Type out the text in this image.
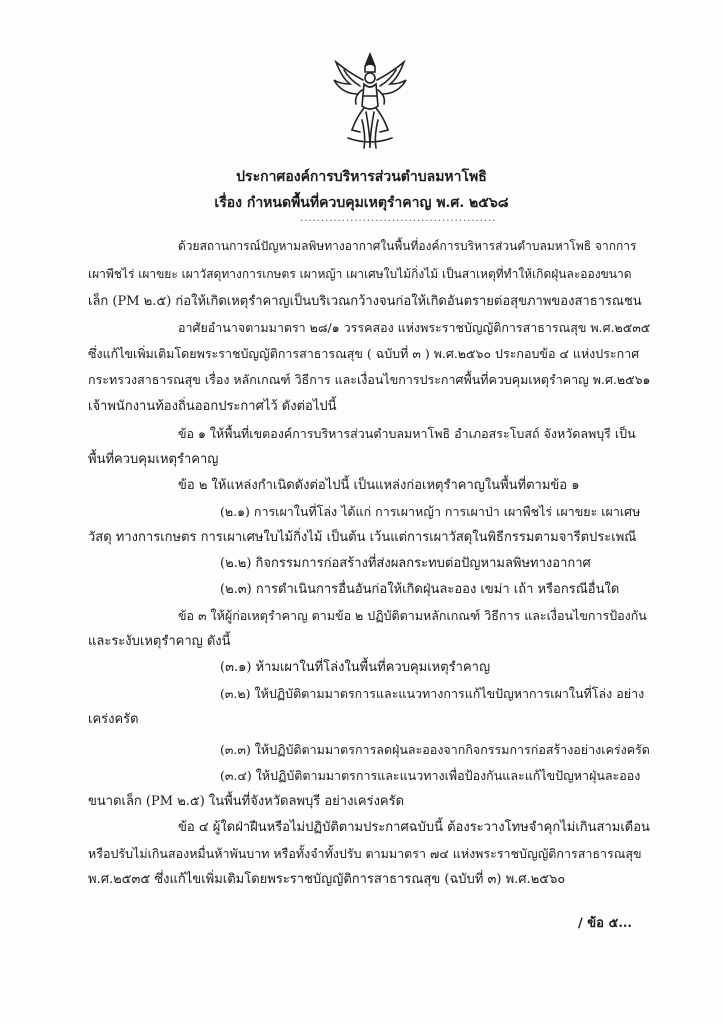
ประกาศองค์การบริหารส่วนตำบลมหาโพธิ
เรื่อง กำหนดพื้นที่ควบคุมเหตุรำคาญ พ.ศ. ๒๕๖๘
...............................................
ด้วยสถานการณ์ปัญหามลพิษทางอากาศในพื้นที่องค์การบริหารส่วนตำบลมหาโพธิ จากการ
เผาพืชไร่ เผาขยะ เผาวัสดุทางการเกษตร เผาหญ้า เผาเศษใบไม้กิ่งไม้ เป็นสาเหตุที่ทำให้เกิดฝุ่นละอองขนาด
เล็ก (PM ๒.๕) ก่อให้เกิดเหตุรำคาญเป็นบริเวณกว้างจนก่อให้เกิดอันตรายต่อสุขภาพของสาธารณชน
อาศัยอำนาจตามมาตรา ๒๘/๑ วรรคสอง แห่งพระราชบัญญัติการสาธารณสุข พ.ศ.๒๕๓๕
ซึ่งแก้ไขเพิ่มเติมโดยพระราชบัญญัติการสาธารณสุข ( ฉบับที่ ๓ ) พ.ศ.๒๕๖๐ ประกอบข้อ ๔ แห่งประกาศ
กระทรวงสาธารณสุข เรื่อง หลักเกณฑ์ วิธีการ และเงื่อนไขการประกาศพื้นที่ควบคุมเหตุรำคาญ พ.ศ.๒๕๖๑
เจ้าพนักงานท้องถิ่นออกประกาศไว้ ดังต่อไปนี้
ข้อ ๑ ให้พื้นที่เขตองค์การบริหารส่วนตำบลมหาโพธิ อำเภอสระโบสถ์ จังหวัดลพบุรี เป็น
พื้นที่ควบคุมเหตุรำคาญ
ข้อ ๒ ให้แหล่งกำเนิดดังต่อไปนี้ เป็นแหล่งก่อเหตุรำคาญในพื้นที่ตามข้อ ๑
(๒.๑) การเผาในที่โล่ง ได้แก่ การเผาหญ้า การเผาป่า เผาพืชไร่ เผาขยะ เผาเศษ
วัสดุ ทางการเกษตร การเผาเศษใบไม้กิ่งไม้ เป็นต้น เว้นแต่การเผาวัสดุในพิธีกรรมตามจารีตประเพณี
(๒.๒) กิจกรรมการก่อสร้างที่ส่งผลกระทบต่อปัญหามลพิษทางอากาศ
(๒.๓) การดำเนินการอื่นอันก่อให้เกิดฝุ่นละออง เขม่า เถ้า หรือกรณีอื่นใด
ข้อ ๓ ให้ผู้ก่อเหตุรำคาญ ตามข้อ ๒ ปฏิบัติตามหลักเกณฑ์ วิธีการ และเงื่อนไขการป้องกัน
และระงับเหตุรำคาญ ดังนี้
(๓.๑) ห้ามเผาในที่โล่งในพื้นที่ควบคุมเหตุรำคาญ
(๓.๒) ให้ปฏิบัติตามมาตรการและแนวทางการแก้ไขปัญหาการเผาในที่โล่ง อย่าง
เคร่งครัด
(๓.๓) ให้ปฏิบัติตามมาตรการลดฝุ่นละอองจากกิจกรรมการก่อสร้างอย่างเคร่งครัด
(๓.๔) ให้ปฏิบัติตามมาตรการและแนวทางเพื่อป้องกันและแก้ไขปัญหาฝุ่นละออง
ขนาดเล็ก (PM ๒.๕) ในพื้นที่จังหวัดลพบุรี อย่างเคร่งครัด
ข้อ ๔ ผู้ใดฝ่าฝืนหรือไม่ปฏิบัติตามประกาศฉบับนี้ ต้องระวางโทษจำคุกไม่เกินสามเดือน
หรือปรับไม่เกินสองหมื่นห้าพันบาท หรือทั้งจำทั้งปรับ ตามมาตรา ๗๔ แห่งพระราชบัญญัติการสาธารณสุข
พ.ศ.๒๕๓๕ ซึ่งแก้ไขเพิ่มเติมโดยพระราชบัญญัติการสาธารณสุข (ฉบับที่ ๓) พ.ศ.๒๕๖๐
/ ข้อ ๕...
